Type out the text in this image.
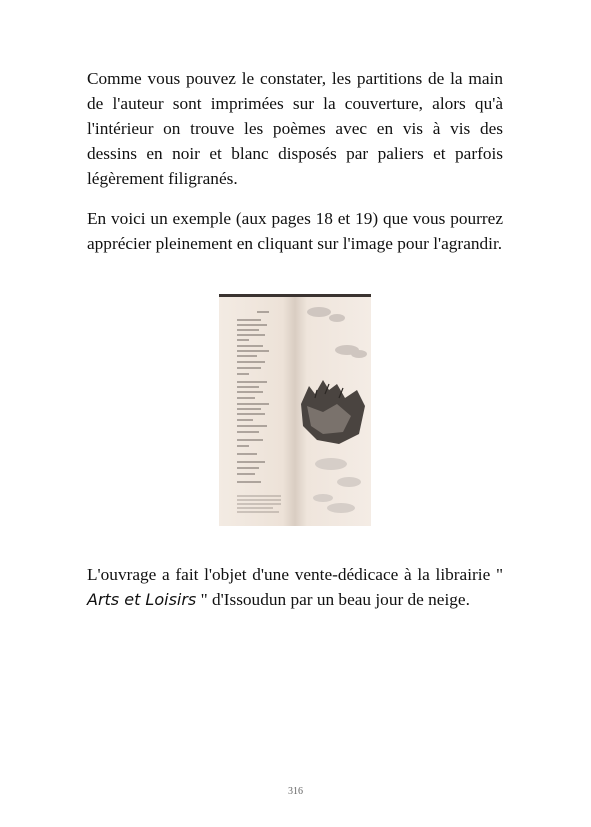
Comme vous pouvez le constater, les partitions de la main de l'auteur sont imprimées sur la couverture, alors qu'à l'intérieur on trouve les poèmes avec en vis à vis des dessins en noir et blanc disposés par paliers et parfois légèrement filigranés.

En voici un exemple (aux pages 18 et 19) que vous pourrez apprécier pleinement en cliquant sur l'image pour l'agrandir.

L'ouvrage a fait l'objet d'une vente-dédicace à la librairie " Arts et Loisirs " d'Issoudun par un beau jour de neige.

316
